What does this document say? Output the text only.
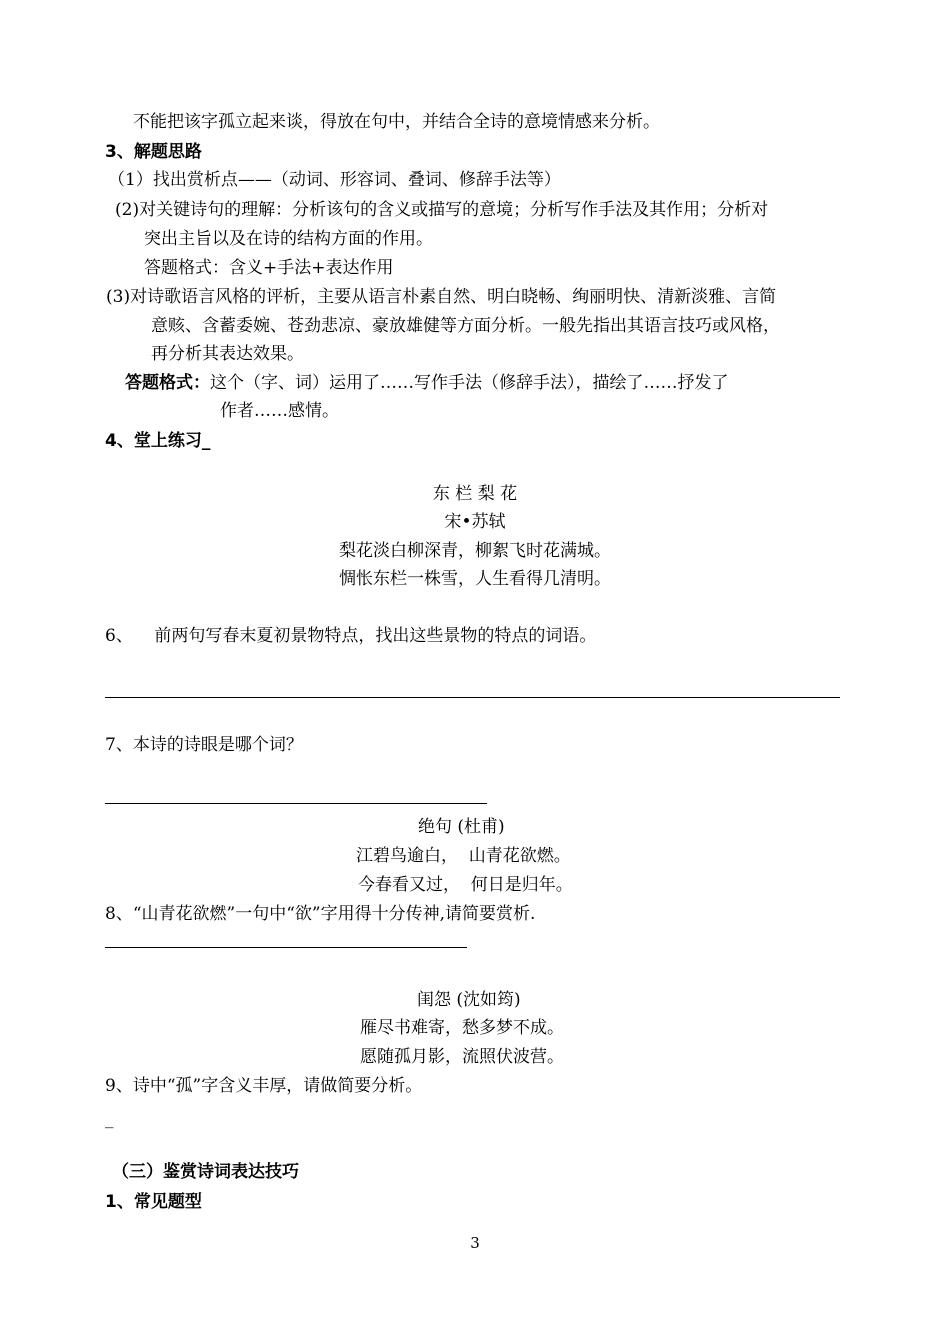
不能把该字孤立起来谈，得放在句中，并结合全诗的意境情感来分析。
3、解题思路
（1）找出赏析点——（动词、形容词、叠词、修辞手法等）
(2)对关键诗句的理解：分析该句的含义或描写的意境；分析写作手法及其作用；分析对
突出主旨以及在诗的结构方面的作用。
答题格式：含义+手法+表达作用
(3)对诗歌语言风格的评析，主要从语言朴素自然、明白晓畅、绚丽明快、清新淡雅、言简
意赅、含蓄委婉、苍劲悲凉、豪放雄健等方面分析。一般先指出其语言技巧或风格，
再分析其表达效果。
答题格式：这个（字、词）运用了……写作手法（修辞手法），描绘了……抒发了
作者……感情。
4、堂上练习_
东 栏 梨 花
宋•苏轼
梨花淡白柳深青，柳絮飞时花满城。
惆怅东栏一株雪，人生看得几清明。
6、    前两句写春末夏初景物特点，找出这些景物的特点的词语。
7、本诗的诗眼是哪个词？
绝句 (杜甫)
江碧鸟逾白，  山青花欲燃。
今春看又过，  何日是归年。
8、“山青花欲燃”一句中“欲”字用得十分传神,请简要赏析.
闺怨 (沈如筠)
雁尽书难寄，愁多梦不成。
愿随孤月影，流照伏波营。
9、诗中“孤”字含义丰厚，请做简要分析。
_
（三）鉴赏诗词表达技巧
1、常见题型
3
